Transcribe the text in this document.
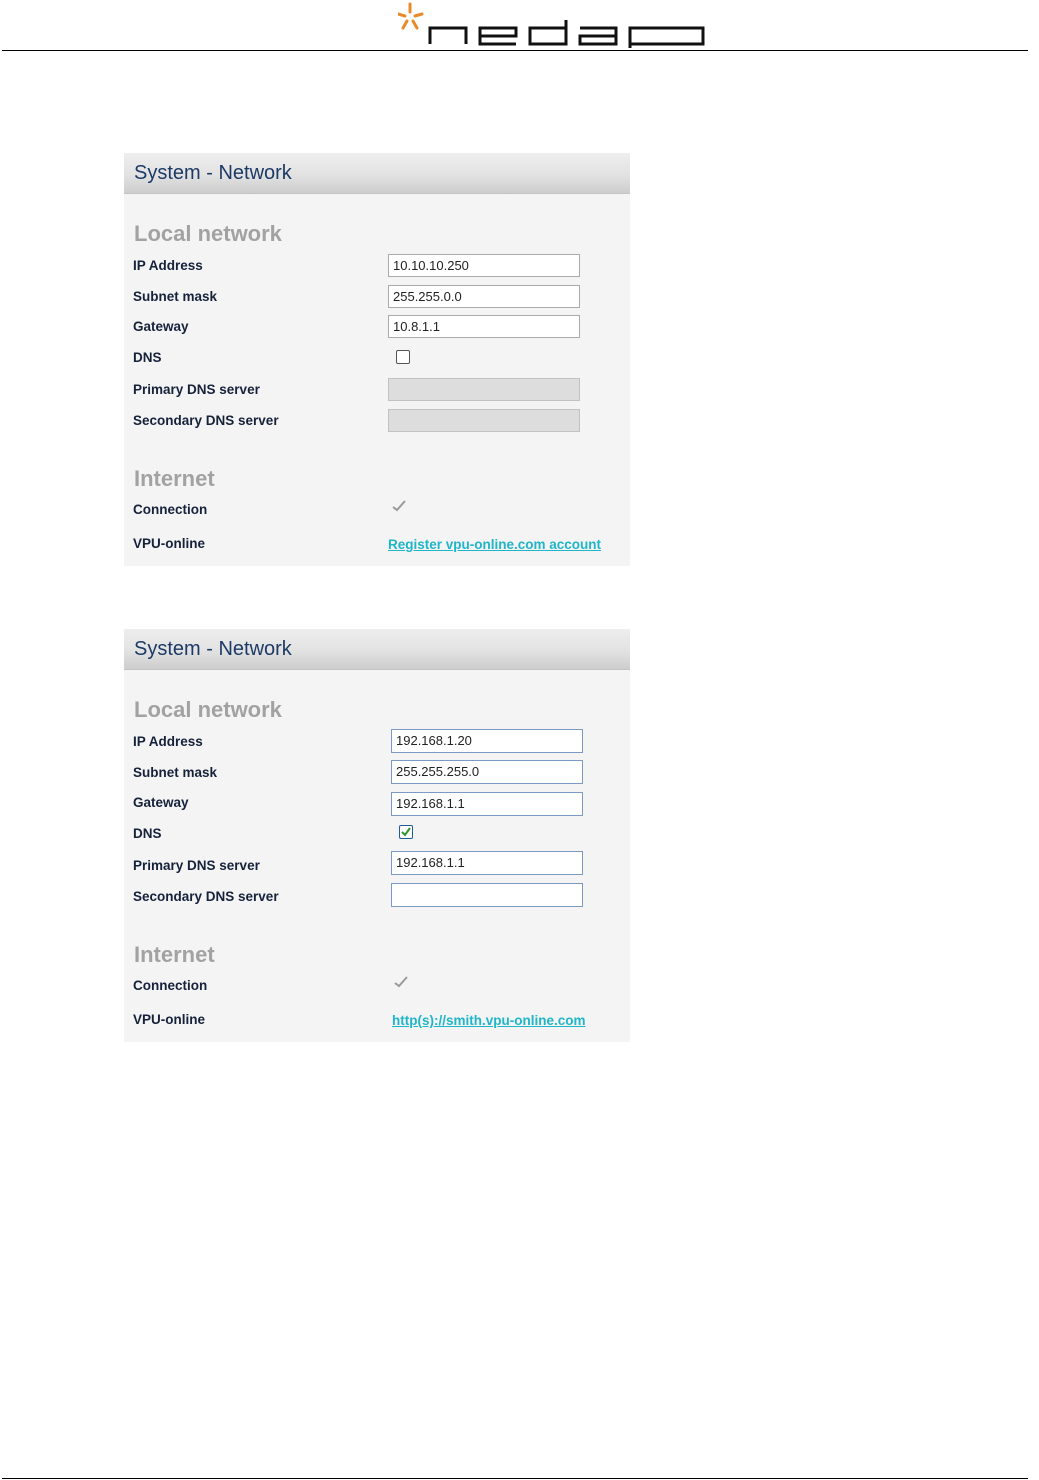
System - Network
Local network
IP Address	10.10.10.250
Subnet mask	255.255.0.0
Gateway	10.8.1.1
DNS
Primary DNS server
Secondary DNS server
Internet
Connection
VPU-online	Register vpu-online.com account
System - Network
Local network
IP Address	192.168.1.20
Subnet mask	255.255.255.0
Gateway	192.168.1.1
DNS
Primary DNS server	192.168.1.1
Secondary DNS server
Internet
Connection
VPU-online	http(s)://smith.vpu-online.com
